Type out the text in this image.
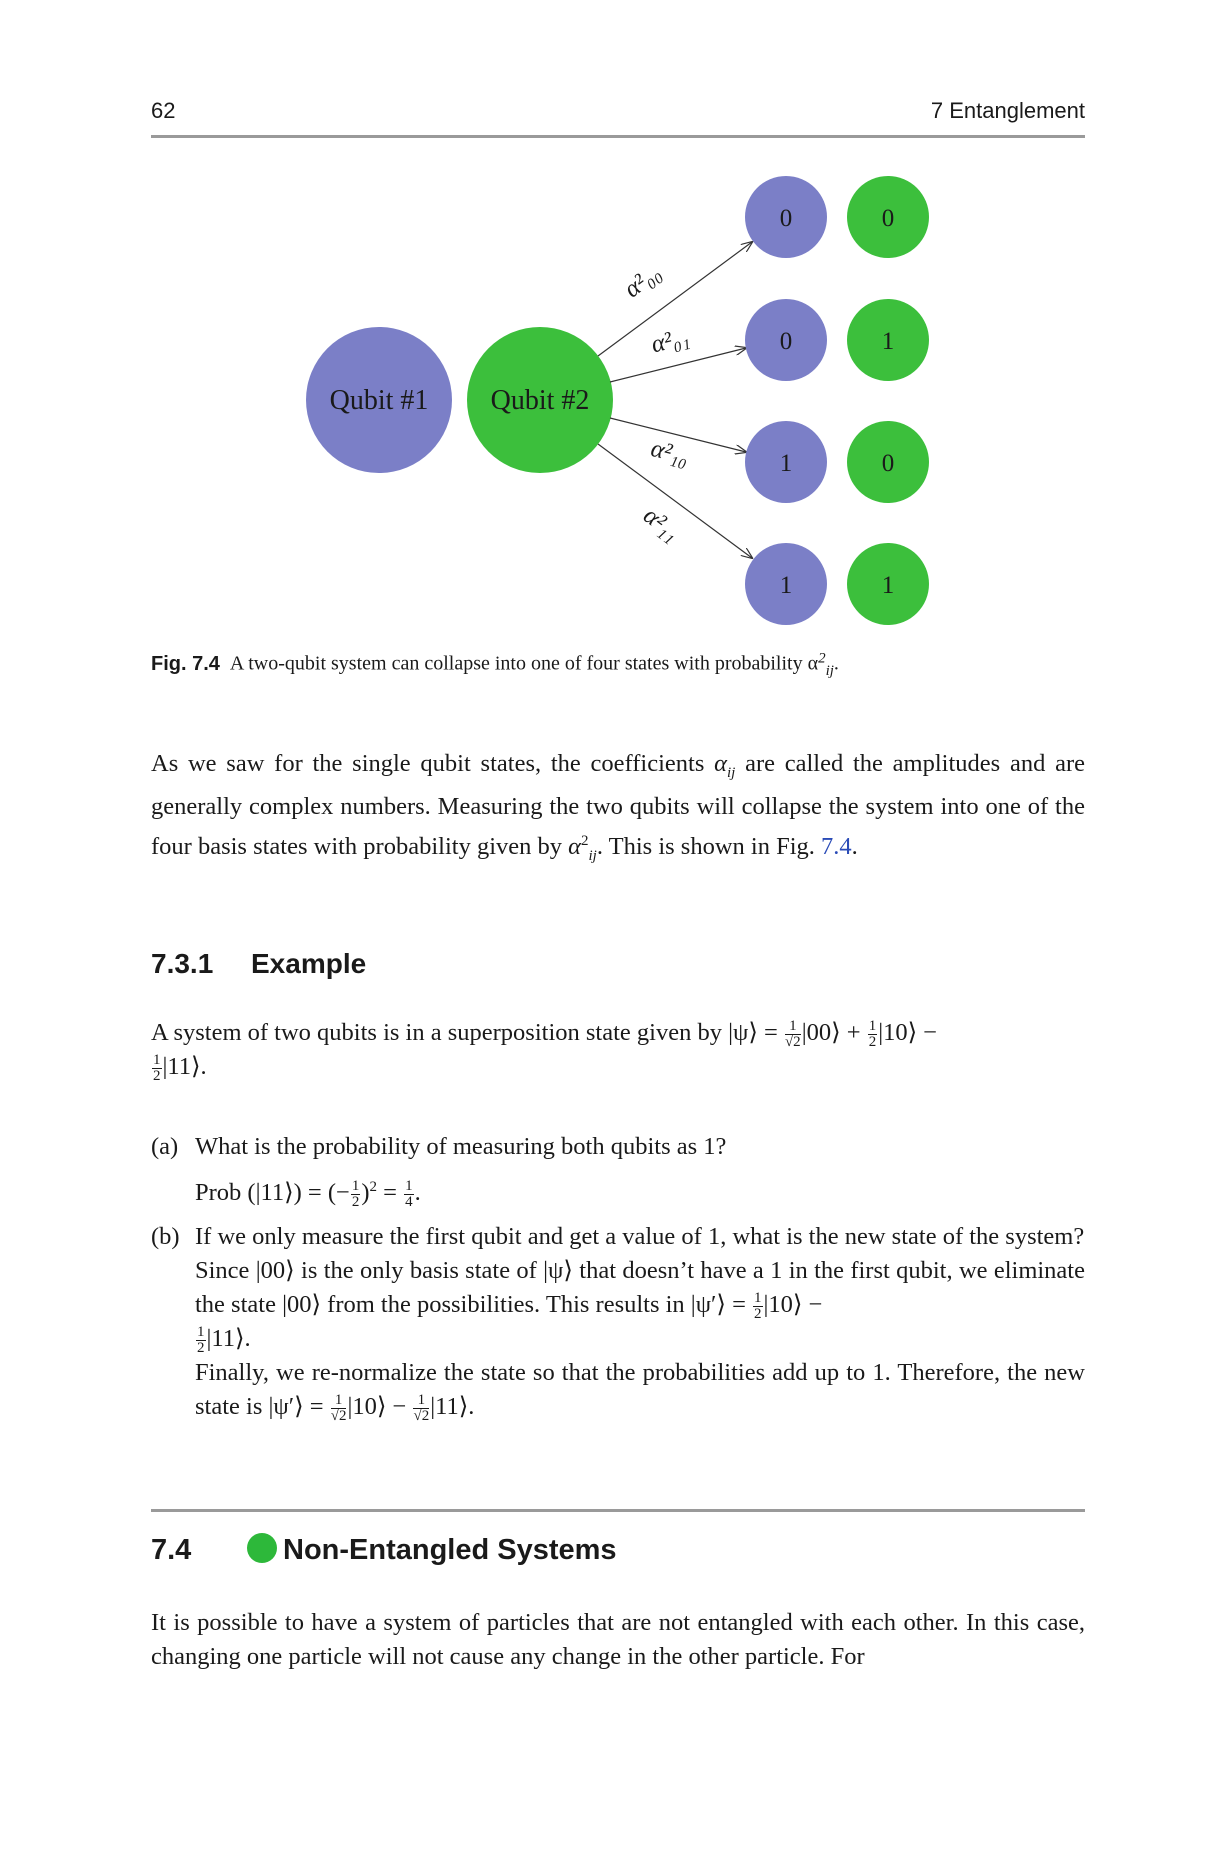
62	7 Entanglement
Qubit #1 Qubit #2
α²₀₀
α²₀₁
α²₁₀
α²₁₁
0	0
0	1
1	0
1	1
Fig. 7.4 A two-qubit system can collapse into one of four states with probability $\alpha^2_{ij}$.
As we saw for the single qubit states, the coefficients $\alpha_{ij}$ are called the amplitudes and are generally complex numbers. Measuring the two qubits will collapse the system into one of the four basis states with probability given by $\alpha^2_{ij}$. This is shown in Fig. 7.4.
7.3.1 Example
A system of two qubits is in a superposition state given by |ψ⟩ = $\frac{1}{√2}$ |00⟩ + $\frac{1}{2}$ |10⟩ −

$\frac{1}{2}$ |11⟩.
(a) What is the probability of measuring both qubits as 1?
Prob (|11⟩) = (− $\frac{1}{2} )^2 = \frac{1}{4}$ .
(b) If we only measure the first qubit and get a value of 1, what is the new state of the system?
Since |00⟩ is the only basis state of |ψ⟩ that doesn’t have a 1 in the first qubit, we eliminate the state |00⟩ from the possibilities. This results in |ψ′⟩ = $\frac{1}{2}$ |10⟩ −

$\frac{1}{2}$ |11⟩.
Finally, we re-normalize the state so that the probabilities add up to 1. Therefore, the new state is |ψ′⟩ = $\frac{1}{√2}$ |10⟩ − $\frac{1}{√2}$ |11⟩.
7.4	Non-Entangled Systems
It is possible to have a system of particles that are not entangled with each other. In this case, changing one particle will not cause any change in the other particle. For
